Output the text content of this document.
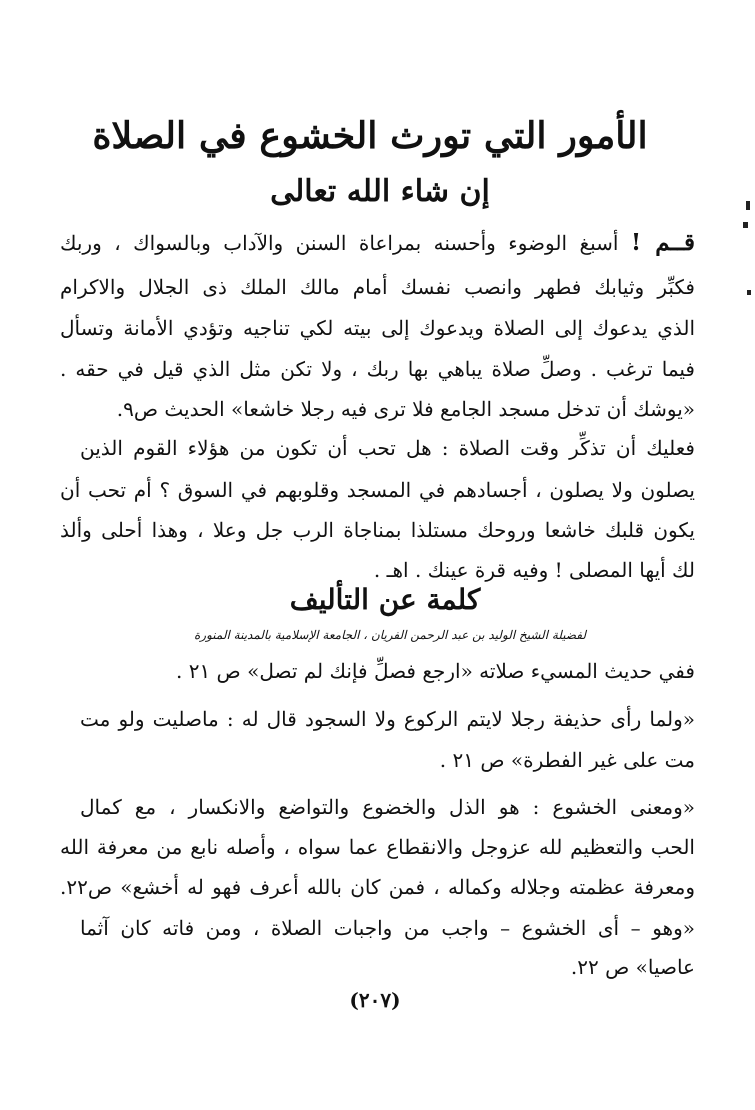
الأمور التي تورث الخشوع في الصلاة
إن شاء الله تعالى
قــم ! أسبغ الوضوء وأحسنه بمراعاة السنن والآداب وبالسواك ، وربك
فكبِّر وثيابك فطهر وانصب نفسك أمام مالك الملك ذى الجلال والاكرام
الذي يدعوك إلى الصلاة ويدعوك إلى بيته لكي تناجيه وتؤدي الأمانة وتسأل
فيما ترغب . وصلِّ صلاة يباهي بها ربك ، ولا تكن مثل الذي قيل في حقه .
«يوشك أن تدخل مسجد الجامع فلا ترى فيه رجلا خاشعا» الحديث ص٩.
فعليك أن تذكِّر وقت الصلاة : هل تحب أن تكون من هؤلاء القوم الذين
يصلون ولا يصلون ، أجسادهم في المسجد وقلوبهم في السوق ؟ أم تحب أن
يكون قلبك خاشعا وروحك مستلذا بمناجاة الرب جل وعلا ، وهذا أحلى وألذ
لك أيها المصلى ! وفيه قرة عينك . اهـ .
كلمة عن التأليف
لفضيلة الشيخ الوليد بن عبد الرحمن الفريان ، الجامعة الإسلامية بالمدينة المنورة
ففي حديث المسيء صلاته «ارجع فصلِّ فإنك لم تصل» ص ٢١ .
«ولما رأى حذيفة رجلا لايتم الركوع ولا السجود قال له : ماصليت ولو مت
مت على غير الفطرة» ص ٢١ .
«ومعنى الخشوع : هو الذل والخضوع والتواضع والانكسار ، مع كمال
الحب والتعظيم لله عزوجل والانقطاع عما سواه ، وأصله نابع من معرفة الله
ومعرفة عظمته وجلاله وكماله ، فمن كان بالله أعرف فهو له أخشع» ص٢٢.
«وهو – أى الخشوع – واجب من واجبات الصلاة ، ومن فاته كان آثما
عاصيا» ص ٢٢.
(٢٠٧)
